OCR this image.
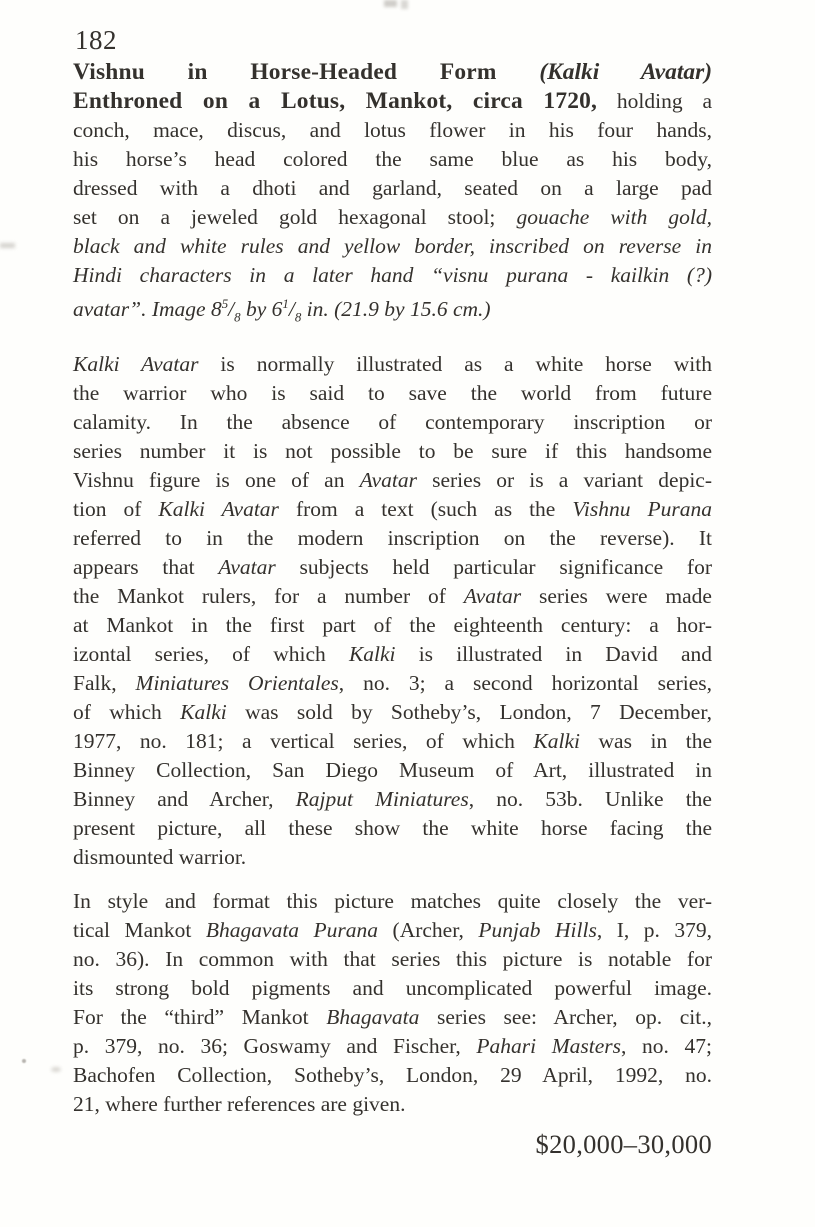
182
Vishnu in Horse-Headed Form (Kalki Avatar)
Enthroned on a Lotus, Mankot, circa 1720, holding a
conch, mace, discus, and lotus flower in his four hands,
his horse’s head colored the same blue as his body,
dressed with a dhoti and garland, seated on a large pad
set on a jeweled gold hexagonal stool; gouache with gold,
black and white rules and yellow border, inscribed on reverse in
Hindi characters in a later hand “visnu purana - kailkin (?)
avatar”. Image $8^5/_8$ by $6^1/_8$ in. (21.9 by 15.6 cm.)
Kalki Avatar is normally illustrated as a white horse with
the warrior who is said to save the world from future
calamity. In the absence of contemporary inscription or
series number it is not possible to be sure if this handsome
Vishnu figure is one of an Avatar series or is a variant depic-
tion of Kalki Avatar from a text (such as the Vishnu Purana
referred to in the modern inscription on the reverse). It
appears that Avatar subjects held particular significance for
the Mankot rulers, for a number of Avatar series were made
at Mankot in the first part of the eighteenth century: a hor-
izontal series, of which Kalki is illustrated in David and
Falk, Miniatures Orientales, no. 3; a second horizontal series,
of which Kalki was sold by Sotheby’s, London, 7 December,
1977, no. 181; a vertical series, of which Kalki was in the
Binney Collection, San Diego Museum of Art, illustrated in
Binney and Archer, Rajput Miniatures, no. 53b. Unlike the
present picture, all these show the white horse facing the
dismounted warrior.
In style and format this picture matches quite closely the ver-
tical Mankot Bhagavata Purana (Archer, Punjab Hills, I, p. 379,
no. 36). In common with that series this picture is notable for
its strong bold pigments and uncomplicated powerful image.
For the “third” Mankot Bhagavata series see: Archer, op. cit.,
p. 379, no. 36; Goswamy and Fischer, Pahari Masters, no. 47;
Bachofen Collection, Sotheby’s, London, 29 April, 1992, no.
21, where further references are given.
$20,000–30,000
